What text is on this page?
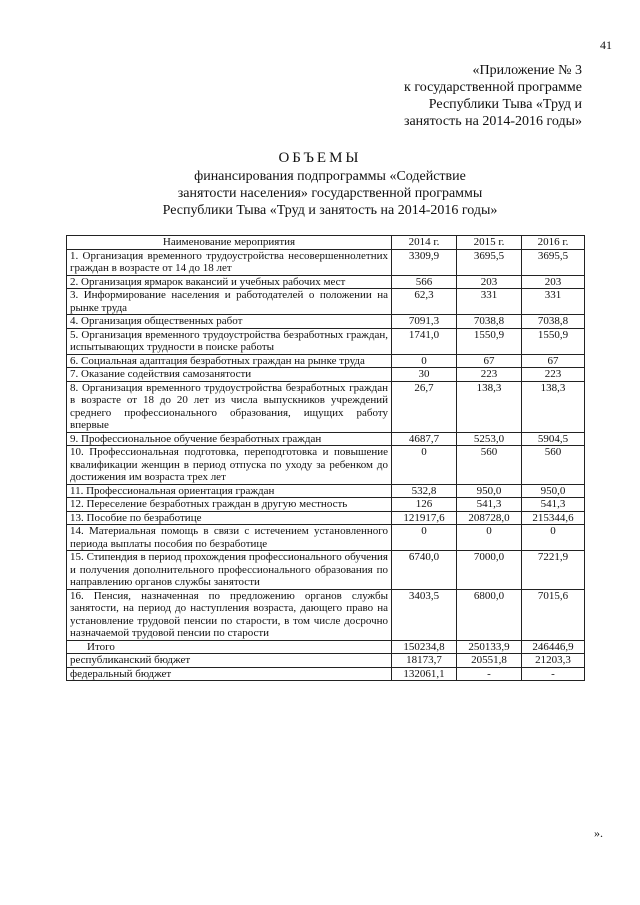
41
«Приложение № 3
к государственной программе
Республики Тыва «Труд и
занятость на 2014-2016 годы»
ОБЪЕМЫ
финансирования подпрограммы «Содействие
занятости населения» государственной программы
Республики Тыва «Труд и занятость на 2014-2016 годы»
Наименование мероприятия	2014 г.	2015 г.	2016 г.
1. Организация временного трудоустройства несовершеннолетних граждан в возрасте от 14 до 18 лет	3309,9	3695,5	3695,5
2. Организация ярмарок вакансий и учебных рабочих мест	566	203	203
3. Информирование населения и работодателей о положении на рынке труда	62,3	331	331
4. Организация общественных работ	7091,3	7038,8	7038,8
5. Организация временного трудоустройства безработных граждан, испытывающих трудности в поиске работы	1741,0	1550,9	1550,9
6. Социальная адаптация безработных граждан на рынке труда	0	67	67
7. Оказание содействия самозанятости	30	223	223
8. Организация временного трудоустройства безработных граждан в возрасте от 18 до 20 лет из числа выпускников учреждений среднего профессионального образования, ищущих работу впервые	26,7	138,3	138,3
9. Профессиональное обучение безработных граждан	4687,7	5253,0	5904,5
10. Профессиональная подготовка, переподготовка и повышение квалификации женщин в период отпуска по уходу за ребенком до достижения им возраста трех лет	0	560	560
11. Профессиональная ориентация граждан	532,8	950,0	950,0
12. Переселение безработных граждан в другую местность	126	541,3	541,3
13. Пособие по безработице	121917,6	208728,0	215344,6
14. Материальная помощь в связи с истечением установленного периода выплаты пособия по безработице	0	0	0
15. Стипендия в период прохождения профессионального обучения и получения дополнительного профессионального образования по направлению органов службы занятости	6740,0	7000,0	7221,9
16. Пенсия, назначенная по предложению органов службы занятости, на период до наступления возраста, дающего право на установление трудовой пенсии по старости, в том числе досрочно назначаемой трудовой пенсии по старости	3403,5	6800,0	7015,6
Итого	150234,8	250133,9	246446,9
республиканский бюджет	18173,7	20551,8	21203,3
федеральный бюджет	132061,1	-	-
».
